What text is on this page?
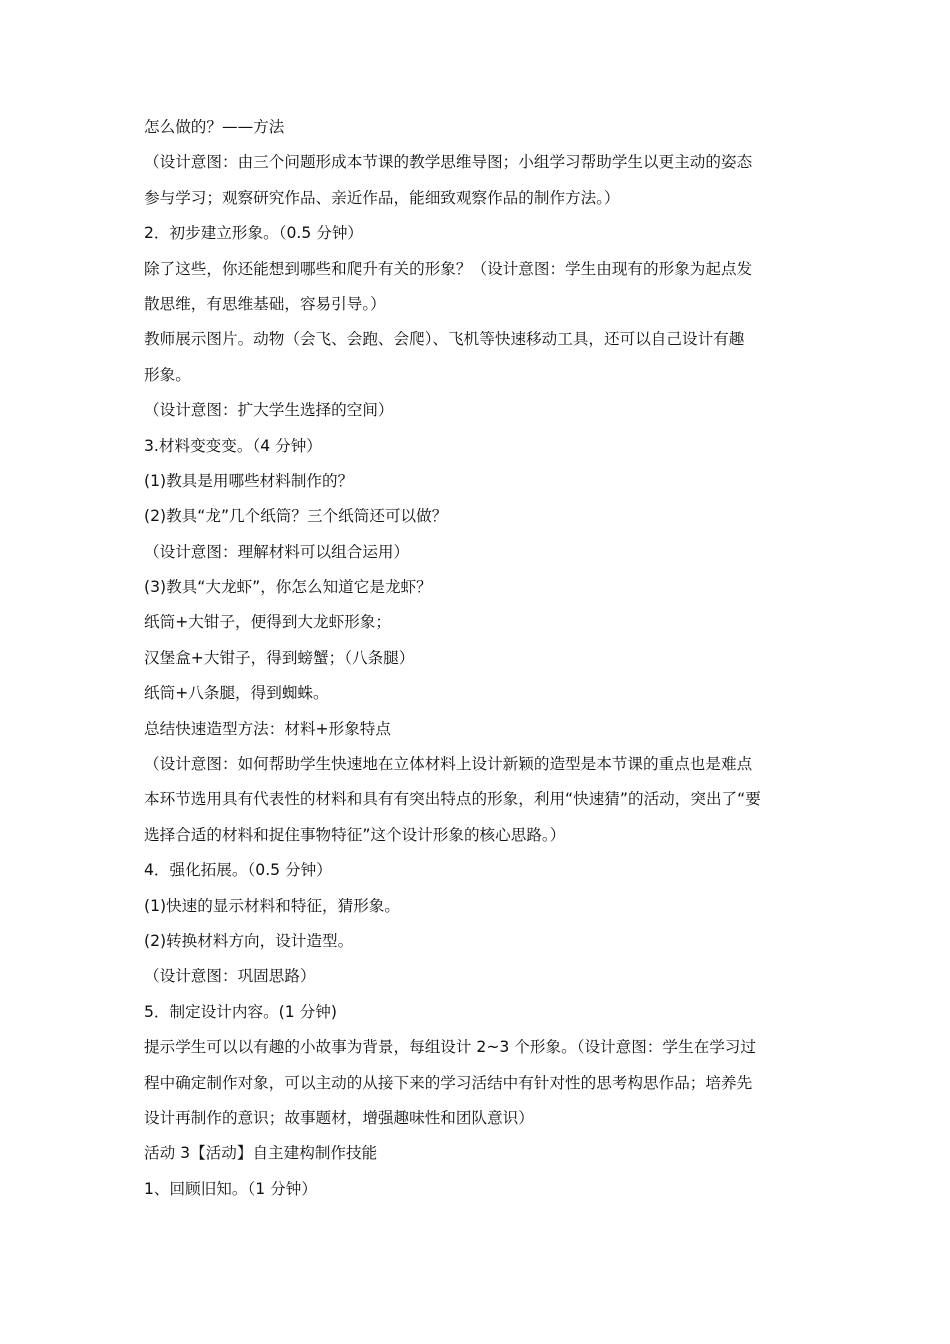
怎么做的？——方法
（设计意图：由三个问题形成本节课的教学思维导图；小组学习帮助学生以更主动的姿态
参与学习；观察研究作品、亲近作品，能细致观察作品的制作方法。）
2．初步建立形象。（0.5 分钟）
除了这些，你还能想到哪些和爬升有关的形象？（设计意图：学生由现有的形象为起点发
散思维，有思维基础，容易引导。）
教师展示图片。动物（会飞、会跑、会爬）、飞机等快速移动工具，还可以自己设计有趣
形象。
（设计意图：扩大学生选择的空间）
3.材料变变变。（4 分钟）
(1)教具是用哪些材料制作的？
(2)教具“龙”几个纸筒？三个纸筒还可以做？
（设计意图：理解材料可以组合运用）
(3)教具“大龙虾”，你怎么知道它是龙虾？
纸筒+大钳子，便得到大龙虾形象；
汉堡盒+大钳子，得到螃蟹；（八条腿）
纸筒+八条腿，得到蜘蛛。
总结快速造型方法：材料+形象特点
（设计意图：如何帮助学生快速地在立体材料上设计新颖的造型是本节课的重点也是难点
本环节选用具有代表性的材料和具有有突出特点的形象，利用“快速猜”的活动，突出了“要
选择合适的材料和捉住事物特征”这个设计形象的核心思路。）
4．强化拓展。（0.5 分钟）
(1)快速的显示材料和特征，猜形象。
(2)转换材料方向，设计造型。
（设计意图：巩固思路）
5．制定设计内容。(1 分钟)
提示学生可以以有趣的小故事为背景，每组设计 2~3 个形象。（设计意图：学生在学习过
程中确定制作对象，可以主动的从接下来的学习活结中有针对性的思考构思作品；培养先
设计再制作的意识；故事题材，增强趣味性和团队意识）
活动 3【活动】自主建构制作技能
1、回顾旧知。（1 分钟）
